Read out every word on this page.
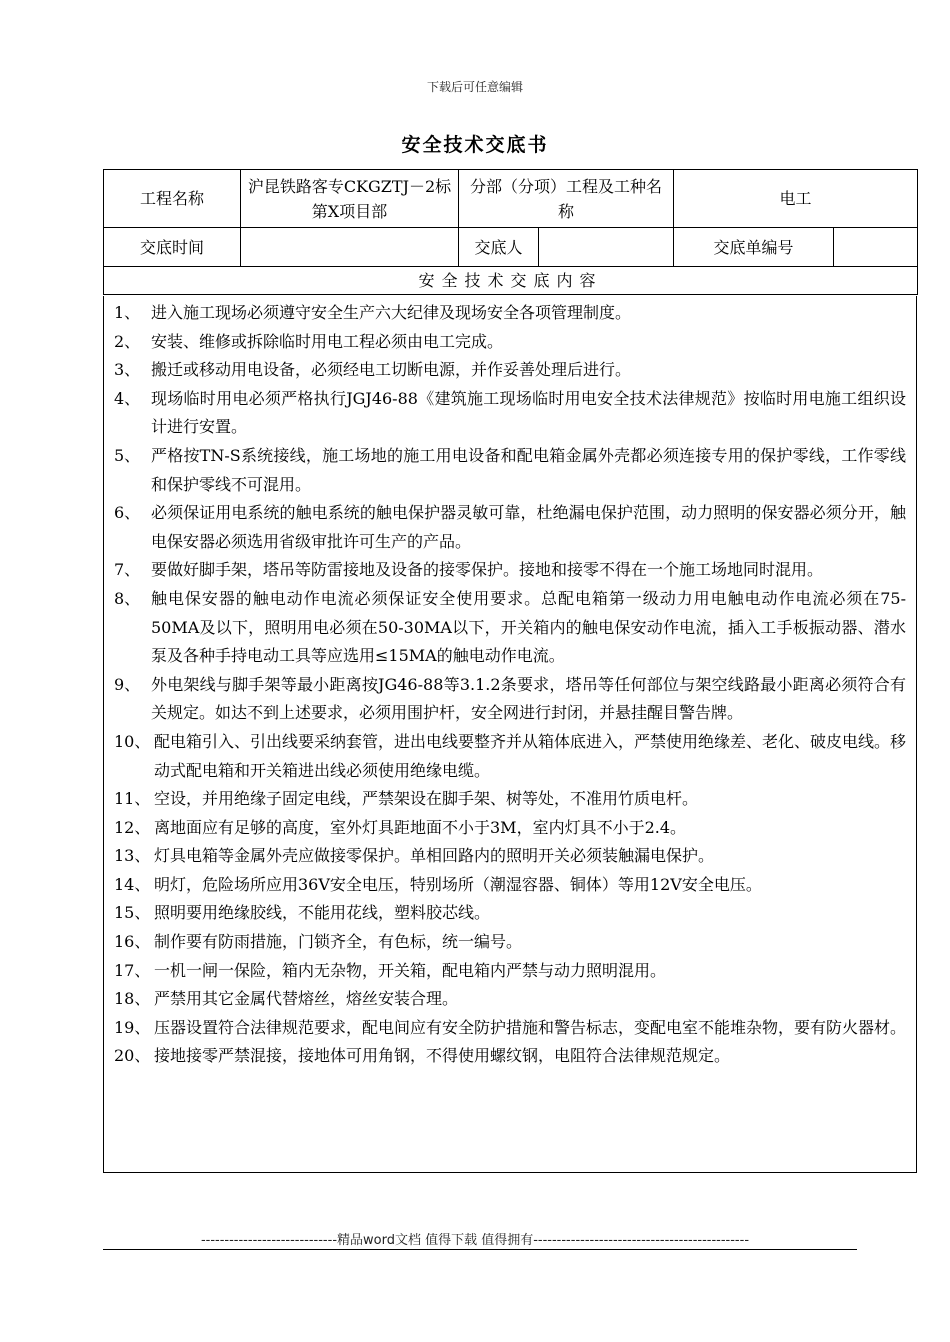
下载后可任意编辑
安全技术交底书
工程名称	沪昆铁路客专CKGZTJ－2标第X项目部	分部（分项）工程及工种名称		电工	
交底时间		交底人		交底单编号	
安全技术交底内容					
1、 进入施工现场必须遵守安全生产六大纪律及现场安全各项管理制度。
2、 安装、维修或拆除临时用电工程必须由电工完成。
3、 搬迁或移动用电设备，必须经电工切断电源，并作妥善处理后进行。
4、 现场临时用电必须严格执行JGJ46-88《建筑施工现场临时用电安全技术法律规范》按临时用电施工组织设计进行安置。
5、 严格按TN-S系统接线，施工场地的施工用电设备和配电箱金属外壳都必须连接专用的保护零线，工作零线和保护零线不可混用。
6、 必须保证用电系统的触电系统的触电保护器灵敏可靠，杜绝漏电保护范围，动力照明的保安器必须分开，触电保安器必须选用省级审批许可生产的产品。
7、 要做好脚手架，塔吊等防雷接地及设备的接零保护。接地和接零不得在一个施工场地同时混用。
8、 触电保安器的触电动作电流必须保证安全使用要求。总配电箱第一级动力用电触电动作电流必须在75-50MA及以下，照明用电必须在50-30MA以下，开关箱内的触电保安动作电流，插入工手板振动器、潜水泵及各种手持电动工具等应选用≤15MA的触电动作电流。
9、 外电架线与脚手架等最小距离按JG46-88等3.1.2条要求，塔吊等任何部位与架空线路最小距离必须符合有关规定。如达不到上述要求，必须用围护杆，安全网进行封闭，并悬挂醒目警告牌。
10、 配电箱引入、引出线要采纳套管，进出电线要整齐并从箱体底进入，严禁使用绝缘差、老化、破皮电线。移动式配电箱和开关箱进出线必须使用绝缘电缆。
11、 空设，并用绝缘子固定电线，严禁架设在脚手架、树等处，不准用竹质电杆。
12、 离地面应有足够的高度，室外灯具距地面不小于3M，室内灯具不小于2.4。
13、 灯具电箱等金属外壳应做接零保护。单相回路内的照明开关必须装触漏电保护。
14、 明灯，危险场所应用36V安全电压，特别场所（潮湿容器、铜体）等用12V安全电压。
15、 照明要用绝缘胶线，不能用花线，塑料胶芯线。
16、 制作要有防雨措施，门锁齐全，有色标，统一编号。
17、 一机一闸一保险，箱内无杂物，开关箱，配电箱内严禁与动力照明混用。
18、 严禁用其它金属代替熔丝，熔丝安装合理。
19、 压器设置符合法律规范要求，配电间应有安全防护措施和警告标志，变配电室不能堆杂物，要有防火器材。
20、 接地接零严禁混接，接地体可用角钢，不得使用螺纹钢，电阻符合法律规范规定。
-----------------------------精品word文档 值得下载 值得拥有----------------------------------------------
